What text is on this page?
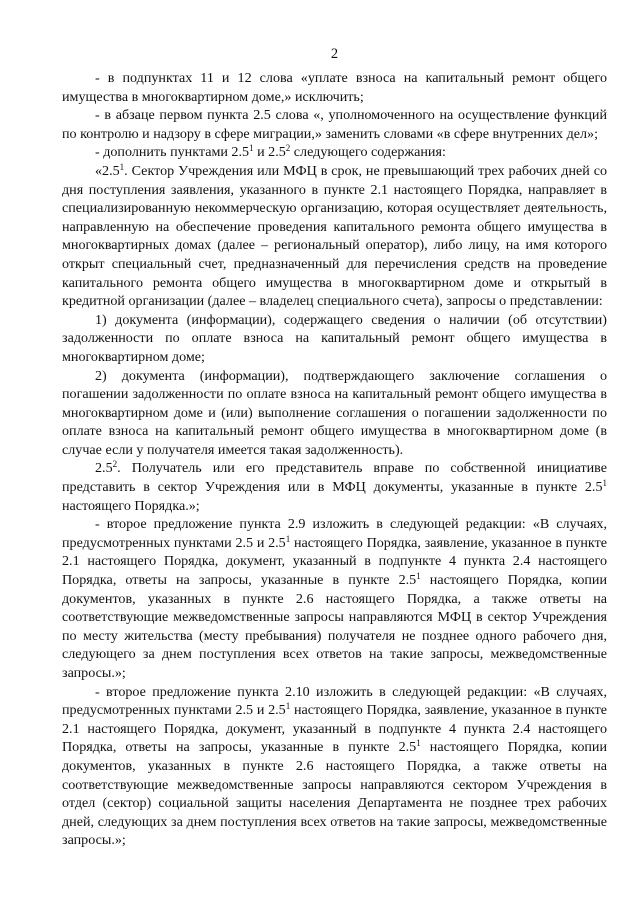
2

- в подпунктах 11 и 12 слова «уплате взноса на капитальный ремонт общего имущества в многоквартирном доме,» исключить;

- в абзаце первом пункта 2.5 слова «, уполномоченного на осуществление функций по контролю и надзору в сфере миграции,» заменить словами «в сфере внутренних дел»;

- дополнить пунктами $2.5^1$ и $2.5^2$ следующего содержания:

«$2.5^1$. Сектор Учреждения или МФЦ в срок, не превышающий трех рабочих дней со дня поступления заявления, указанного в пункте 2.1 настоящего Порядка, направляет в специализированную некоммерческую организацию, которая осуществляет деятельность, направленную на обеспечение проведения капитального ремонта общего имущества в многоквартирных домах (далее – региональный оператор), либо лицу, на имя которого открыт специальный счет, предназначенный для перечисления средств на проведение капитального ремонта общего имущества в многоквартирном доме и открытый в кредитной организации (далее – владелец специального счета), запросы о представлении:

1) документа (информации), содержащего сведения о наличии (об отсутствии) задолженности по оплате взноса на капитальный ремонт общего имущества в многоквартирном доме;

2) документа (информации), подтверждающего заключение соглашения о погашении задолженности по оплате взноса на капитальный ремонт общего имущества в многоквартирном доме и (или) выполнение соглашения о погашении задолженности по оплате взноса на капитальный ремонт общего имущества в многоквартирном доме (в случае если у получателя имеется такая задолженность).

$2.5^2$. Получатель или его представитель вправе по собственной инициативе представить в сектор Учреждения или в МФЦ документы, указанные в пункте $2.5^1$ настоящего Порядка.»;

- второе предложение пункта 2.9 изложить в следующей редакции: «В случаях, предусмотренных пунктами 2.5 и $2.5^1$ настоящего Порядка, заявление, указанное в пункте 2.1 настоящего Порядка, документ, указанный в подпункте 4 пункта 2.4 настоящего Порядка, ответы на запросы, указанные в пункте $2.5^1$ настоящего Порядка, копии документов, указанных в пункте 2.6 настоящего Порядка, а также ответы на соответствующие межведомственные запросы направляются МФЦ в сектор Учреждения по месту жительства (месту пребывания) получателя не позднее одного рабочего дня, следующего за днем поступления всех ответов на такие запросы, межведомственные запросы.»;

- второе предложение пункта 2.10 изложить в следующей редакции: «В случаях, предусмотренных пунктами 2.5 и $2.5^1$ настоящего Порядка, заявление, указанное в пункте 2.1 настоящего Порядка, документ, указанный в подпункте 4 пункта 2.4 настоящего Порядка, ответы на запросы, указанные в пункте $2.5^1$ настоящего Порядка, копии документов, указанных в пункте 2.6 настоящего Порядка, а также ответы на соответствующие межведомственные запросы направляются сектором Учреждения в отдел (сектор) социальной защиты населения Департамента не позднее трех рабочих дней, следующих за днем поступления всех ответов на такие запросы, межведомственные запросы.»;
